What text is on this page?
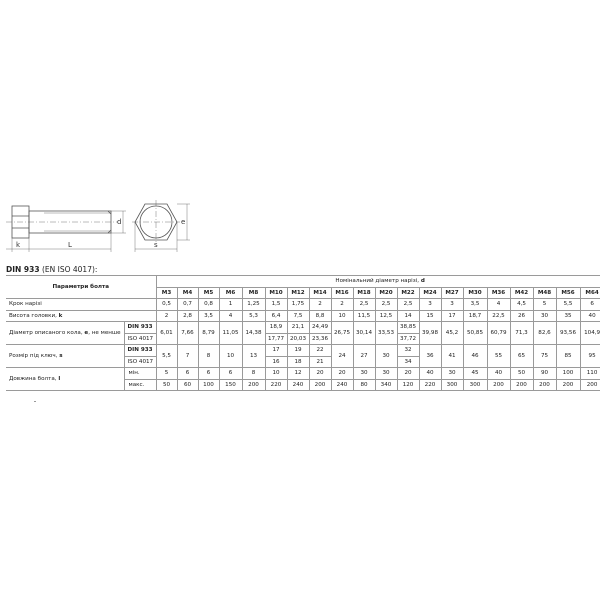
k	L
d
s
e
DIN 933 (EN ISO 4017):
Параметри болта		Номінальний діаметр нарізі, d																			
		M3	M4	M5	M6	M8	M10	M12	M14	M16	M18	M20	M22	M24	M27	M30	M36	M42	M48	M56	M64
Крок нарізі		0,5	0,7	0,8	1	1,25	1,5	1,75	2	2	2,5	2,5	2,5	3	3	3,5	4	4,5	5	5,5	6
Висота головки, k		2	2,8	3,5	4	5,3	6,4	7,5	8,8	10	11,5	12,5	14	15	17	18,7	22,5	26	30	35	40
Діаметр описаного кола, e, не менше	DIN 933	6,01	7,66	8,79	11,05	14,38	18,9	21,1	24,49	26,75	30,14	33,53	38,85	39,98	45,2	50,85	60,79	71,3	82,6	93,56	104,9
	ISO 4017						17,77	20,03	23,36				37,72								
Розмір під ключ, s	DIN 933	5,5	7	8	10	13	17	19	22	24	27	30	32	36	41	46	55	65	75	85	95
	ISO 4017						16	18	21				34								
Довжина болта, l	мін.	5	6	6	6	8	10	12	20	20	30	30	20	40	30	45	40	50	90	100	110
	макс.	50	60	100	150	200	220	240	200	240	80	340	120	220	300	300	200	200	200	200	200
